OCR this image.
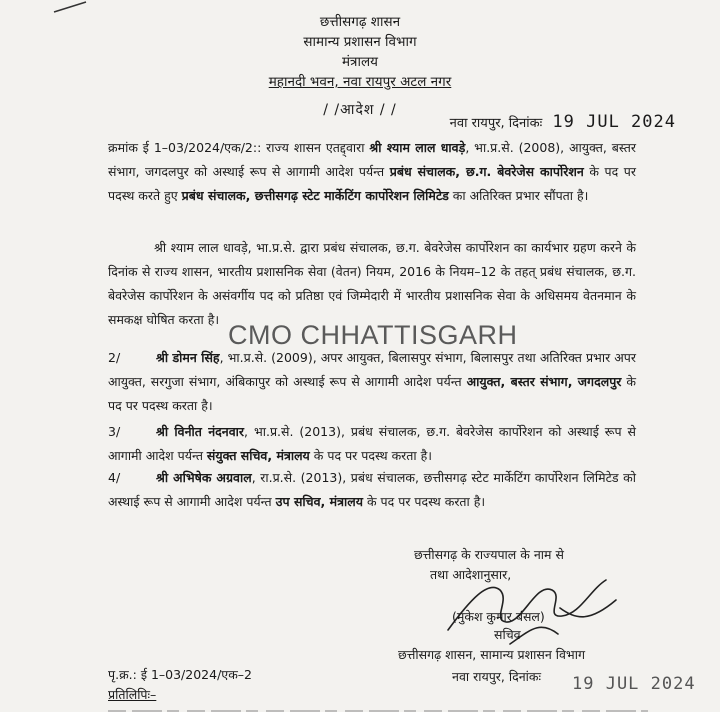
छत्तीसगढ़ शासन
सामान्य प्रशासन विभाग
मंत्रालय
महानदी भवन, नवा रायपुर अटल नगर
/ /आदेश / /
नवा रायपुर, दिनांकः 19 JUL 2024
क्रमांक ई 1–03/2024/एक/2:: राज्य शासन एतद्द्वारा श्री श्याम लाल धावड़े, भा.प्र.से. (2008), आयुक्त, बस्तर संभाग, जगदलपुर को अस्थाई रूप से आगामी आदेश पर्यन्त प्रबंध संचालक, छ.ग. बेवरेजेस कार्पोरेशन के पद पर पदस्थ करते हुए प्रबंध संचालक, छत्तीसगढ़ स्टेट मार्केटिंग कार्पोरेशन लिमिटेड का अतिरिक्त प्रभार सौंपता है।
श्री श्याम लाल धावड़े, भा.प्र.से. द्वारा प्रबंध संचालक, छ.ग. बेवरेजेस कार्पोरेशन का कार्यभार ग्रहण करने के दिनांक से राज्य शासन, भारतीय प्रशासनिक सेवा (वेतन) नियम, 2016 के नियम–12 के तहत् प्रबंध संचालक, छ.ग. बेवरेजेस कार्पोरेशन के असंवर्गीय पद को प्रतिष्ठा एवं जिम्मेदारी में भारतीय प्रशासनिक सेवा के अधिसमय वेतनमान के समकक्ष घोषित करता है।
CMO CHHATTISGARH
2/	श्री डोमन सिंह, भा.प्र.से. (2009), अपर आयुक्त, बिलासपुर संभाग, बिलासपुर तथा अतिरिक्त प्रभार अपर आयुक्त, सरगुजा संभाग, अंबिकापुर को अस्थाई रूप से आगामी आदेश पर्यन्त आयुक्त, बस्तर संभाग, जगदलपुर के पद पर पदस्थ करता है।
3/	श्री विनीत नंदनवार, भा.प्र.से. (2013), प्रबंध संचालक, छ.ग. बेवरेजेस कार्पोरेशन को अस्थाई रूप से आगामी आदेश पर्यन्त संयुक्त सचिव, मंत्रालय के पद पर पदस्थ करता है।
4/	श्री अभिषेक अग्रवाल, रा.प्र.से. (2013), प्रबंध संचालक, छत्तीसगढ़ स्टेट मार्केटिंग कार्पोरेशन लिमिटेड को अस्थाई रूप से आगामी आदेश पर्यन्त उप सचिव, मंत्रालय के पद पर पदस्थ करता है।
छत्तीसगढ़ के राज्यपाल के नाम से
तथा आदेशानुसार,
(मुकेश कुमार बंसल)
सचिव
छत्तीसगढ़ शासन, सामान्य प्रशासन विभाग
पृ.क्र.: ई 1–03/2024/एक–2	नवा रायपुर, दिनांकः 19 JUL 2024
प्रतिलिपिः–
